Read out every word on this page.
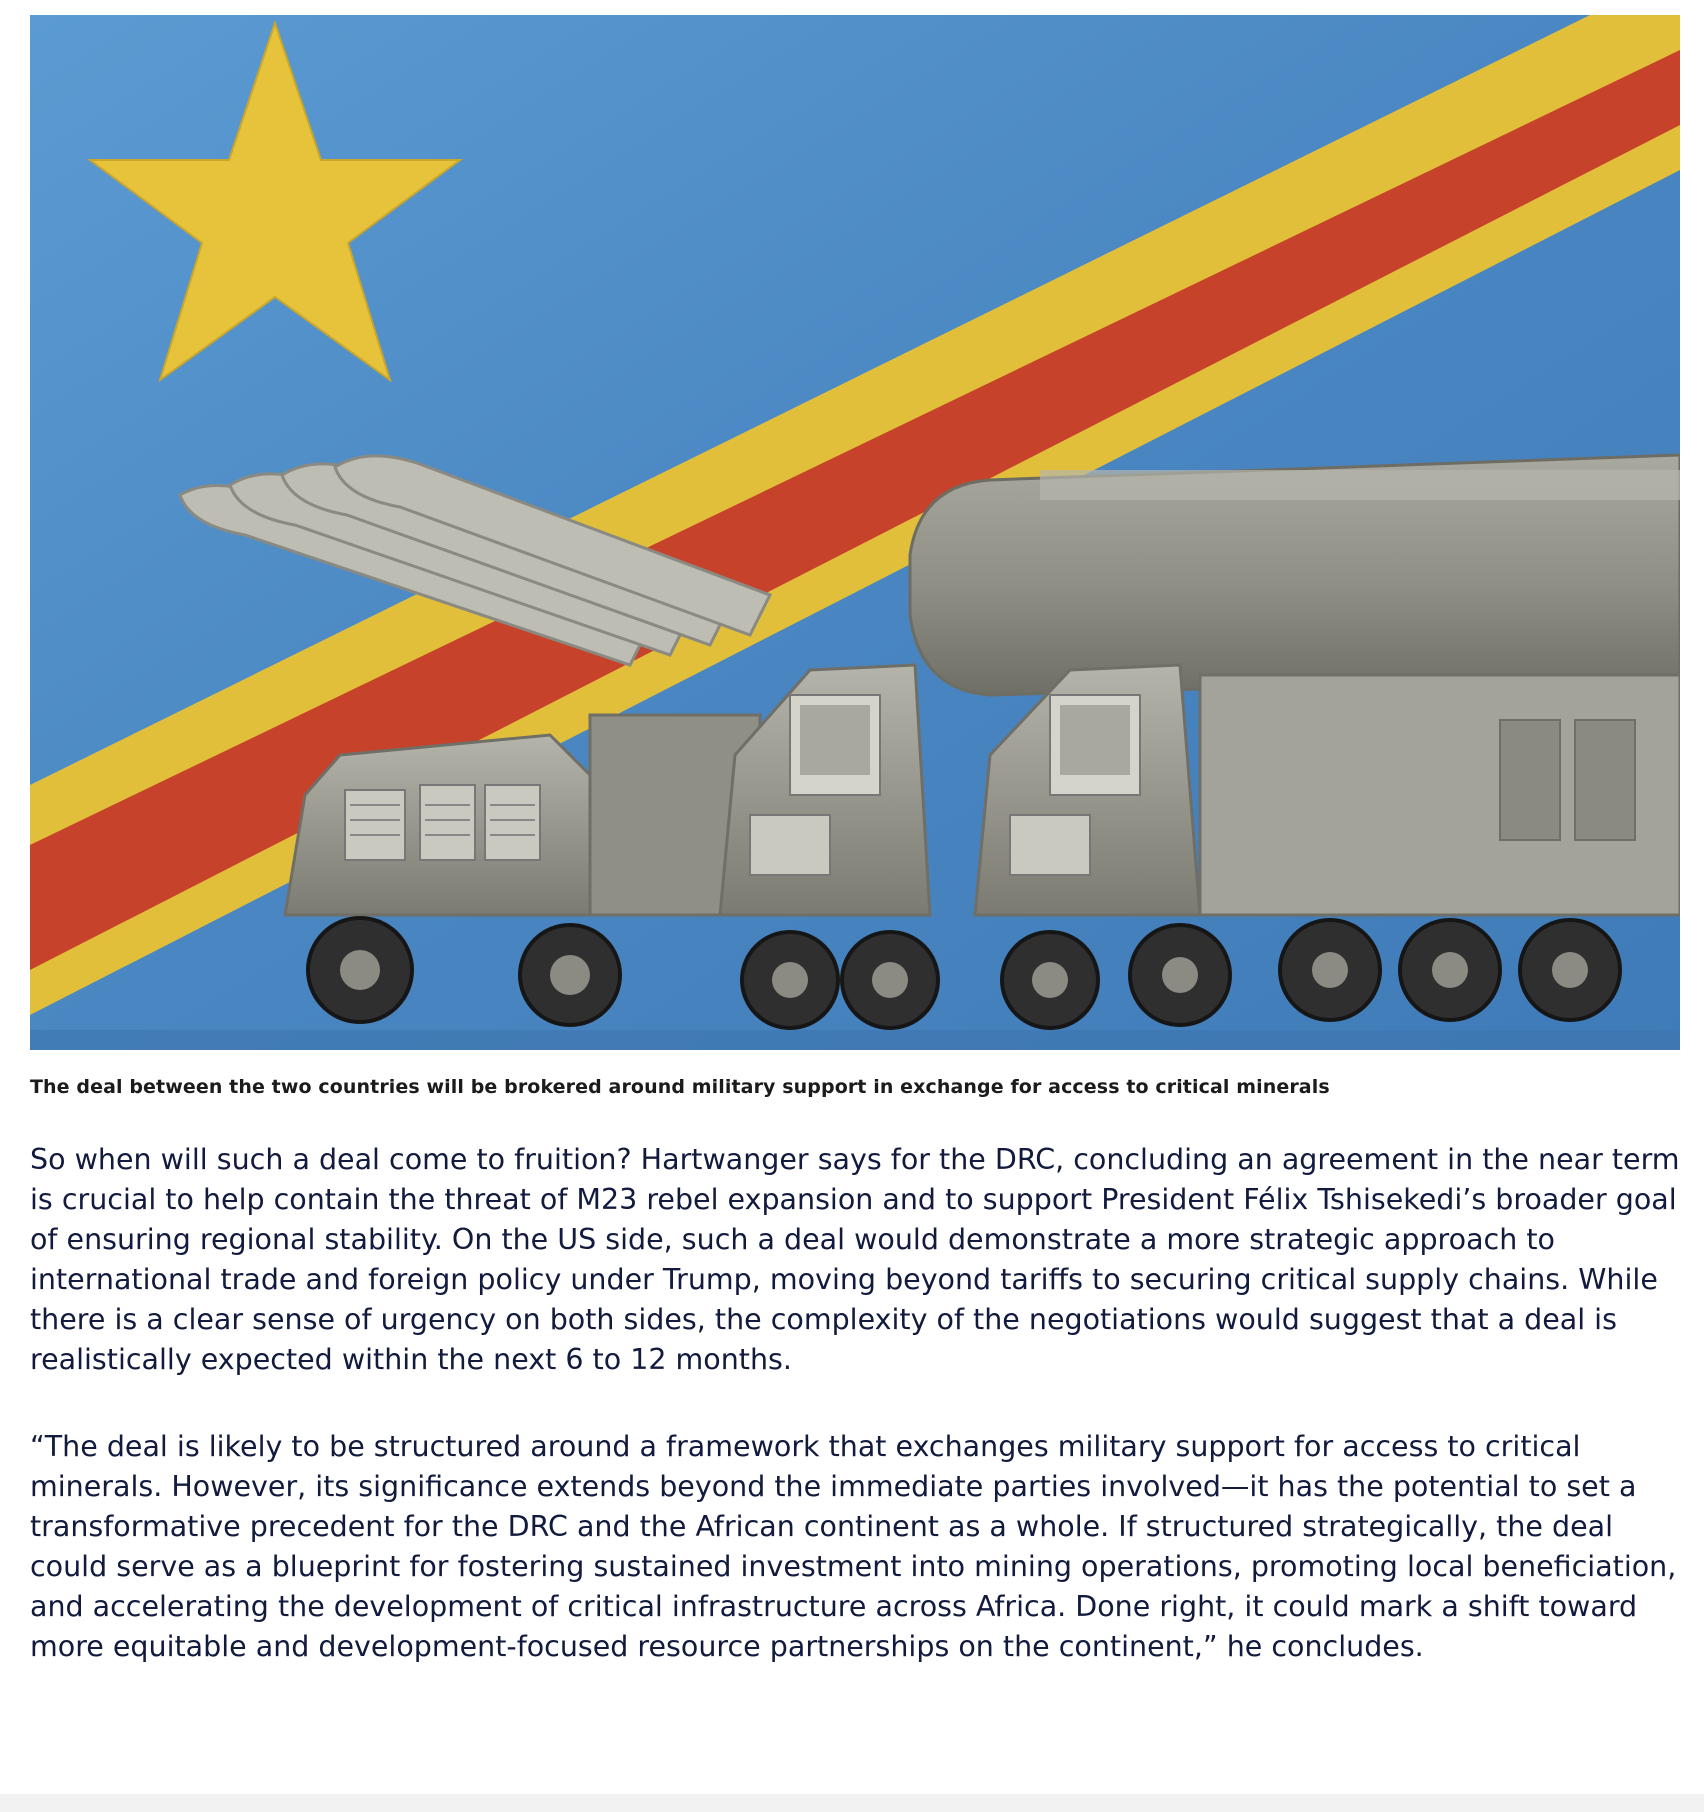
The deal between the two countries will be brokered around military support in exchange for access to critical minerals

So when will such a deal come to fruition? Hartwanger says for the DRC, concluding an agreement in the near term is crucial to help contain the threat of M23 rebel expansion and to support President Félix Tshisekedi’s broader goal of ensuring regional stability. On the US side, such a deal would demonstrate a more strategic approach to international trade and foreign policy under Trump, moving beyond tariffs to securing critical supply chains. While there is a clear sense of urgency on both sides, the complexity of the negotiations would suggest that a deal is realistically expected within the next 6 to 12 months.

“The deal is likely to be structured around a framework that exchanges military support for access to critical minerals. However, its significance extends beyond the immediate parties involved—it has the potential to set a transformative precedent for the DRC and the African continent as a whole. If structured strategically, the deal could serve as a blueprint for fostering sustained investment into mining operations, promoting local beneficiation, and accelerating the development of critical infrastructure across Africa. Done right, it could mark a shift toward more equitable and development-focused resource partnerships on the continent,” he concludes.
